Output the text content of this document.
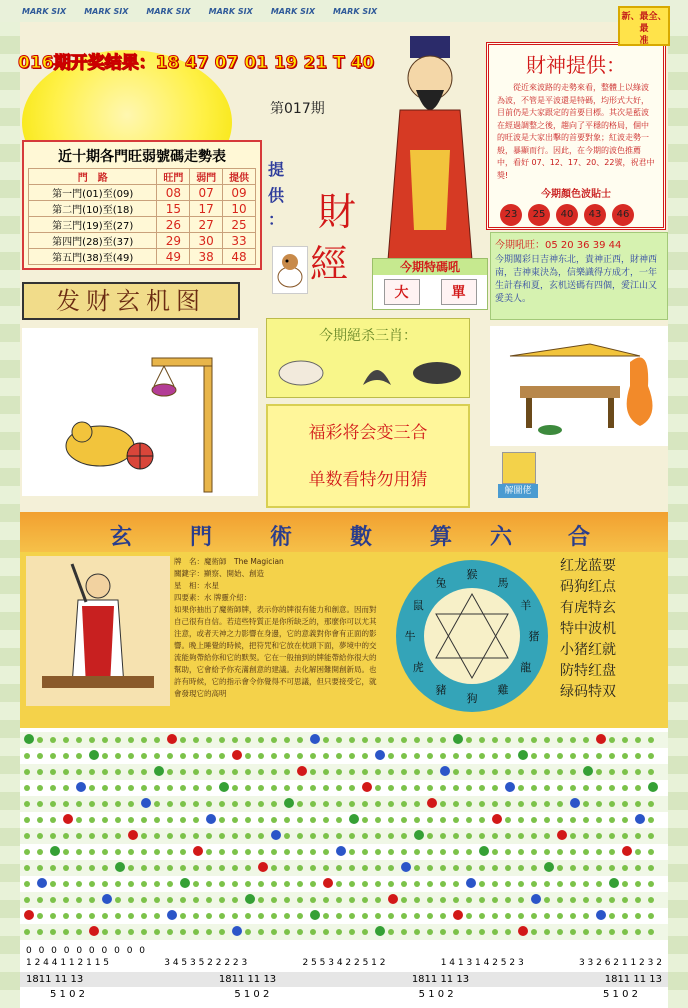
MARK SIX MARK SIX MARK SIX MARK SIX MARK SIX MARK SIX
016期开奖结果：18 47 07 01 19 21 T 40
第017期
近十期各門旺弱號碼走勢表
門　路	旺門	弱門	提供
第一門(01)至(09)	08	07	09
第二門(10)至(18)	15	17	10
第三門(19)至(27)	26	27	25
第四門(28)至(37)	29	30	33
第五門(38)至(49)	49	38	48
发财玄机图
提
供
： 財
經	今期特碼吼
大	單
今期絕杀三肖：
福彩将会变三合
单数看特勿用猜
財神提供：
從近來波路的走勢來看，整體上以綠波為波，不管是平波還是特碼，均形式大好，目前仍是大家跟定的首要目標。其次是藍波在經過調整之後，趨向了平穩的格局，個中的旺波是大家出擊的首要對象；紅波走勢一般，暴顯而行。因此，在今期的波色推薦中，看好 07、12、17、20、22號，祝君中獎!
今期顏色波貼士
23	25	40	43	46
新、最全、最
准
今期吼旺：05 20 36 39 44
今期闖彩日吉神东北，貴神正西，財神西南，吉神東決為，信樂識得方成才，一年生計春和夏，玄机送碼有四個，愛江山又愛美人。
解圖佬
玄	門	術	數	算 六	合
牌　名：魔術師　The Magician
關鍵字：顯察、開始、創造
星　相：水星
四要素：水 牌靈介紹：
如果你抽出了魔術師牌，表示你的牌很有能力和創意。因而對自己很有自信。若這些特質正是你所缺乏的，那麼你可以尤其注意，或者天神之力影響在身邊，它的意義對你會有正面的影響。晚上睡覺的時候，把符咒和它放在枕頭下面，夢境中的交流能夠帶給你和它的默契。它在一般抽到的牌能帶給你很大的幫助，它會給予你充滿創意的建議。去化解困難開創新局。也許有時候，它的指示會令你覺得不可思議，但只要接受它，就會發現它的高明
猴
馬
羊
猪
龍
雞
狗
豬
虎
牛
鼠
兔
红龙蓝要
码狗红点
有虎特玄
特中波机
小猪红就
防特红盘
绿码特双
0 0 0 0 0 0 0 0 0 0
1 2 4 4 1 1 2 1 1 5	3 4 5 3 5 2 2 2 2 3	2 5 5 3 4 2 2 5 1 2	1 4 1 3 1 4 2 5 2 3	3 3 2 6 2 1 1 2 3 2
1811 11 13	1811 11 13	1811 11 13	1811 11 13
5 1 0 2	5 1 0 2	5 1 0 2	5 1 0 2
